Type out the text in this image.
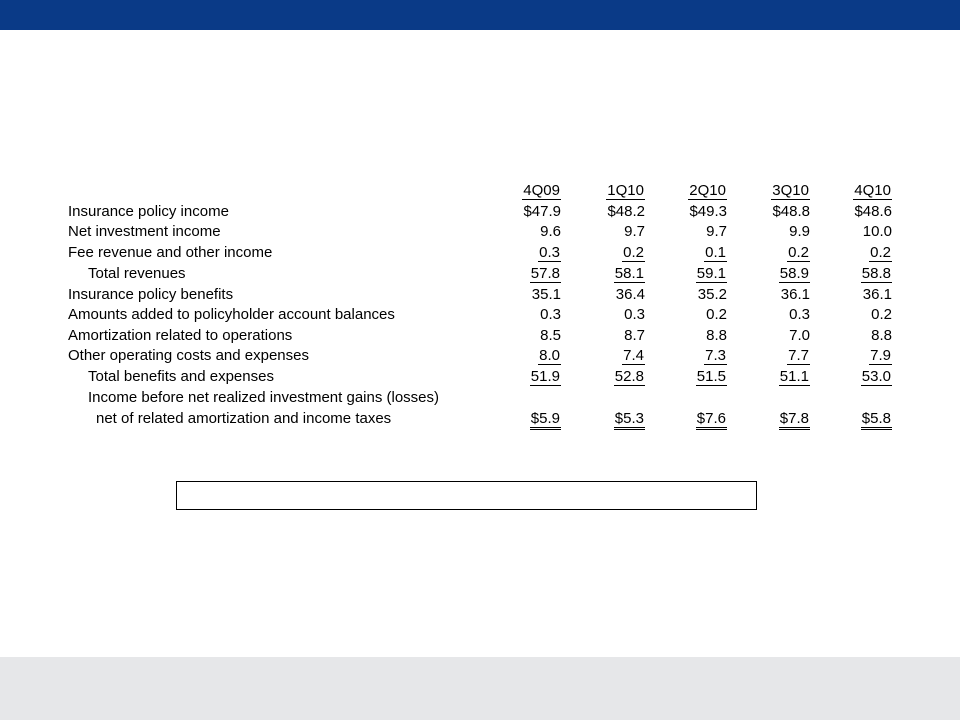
4Q09	1Q10	2Q10	3Q10	4Q10
Insurance policy income	$47.9	$48.2	$49.3	$48.8	$48.6
Net investment income	9.6	9.7	9.7	9.9	10.0
Fee revenue and other income	0.3	0.2	0.1	0.2	0.2
Total revenues	57.8	58.1	59.1	58.9	58.8
Insurance policy benefits	35.1	36.4	35.2	36.1	36.1
Amounts added to policyholder account balances	0.3	0.3	0.2	0.3	0.2
Amortization related to operations	8.5	8.7	8.8	7.0	8.8
Other operating costs and expenses	8.0	7.4	7.3	7.7	7.9
Total benefits and expenses	51.9	52.8	51.5	51.1	53.0
Income before net realized investment gains (losses)
net of related amortization and income taxes	$5.9	$5.3	$7.6	$7.8	$5.8
